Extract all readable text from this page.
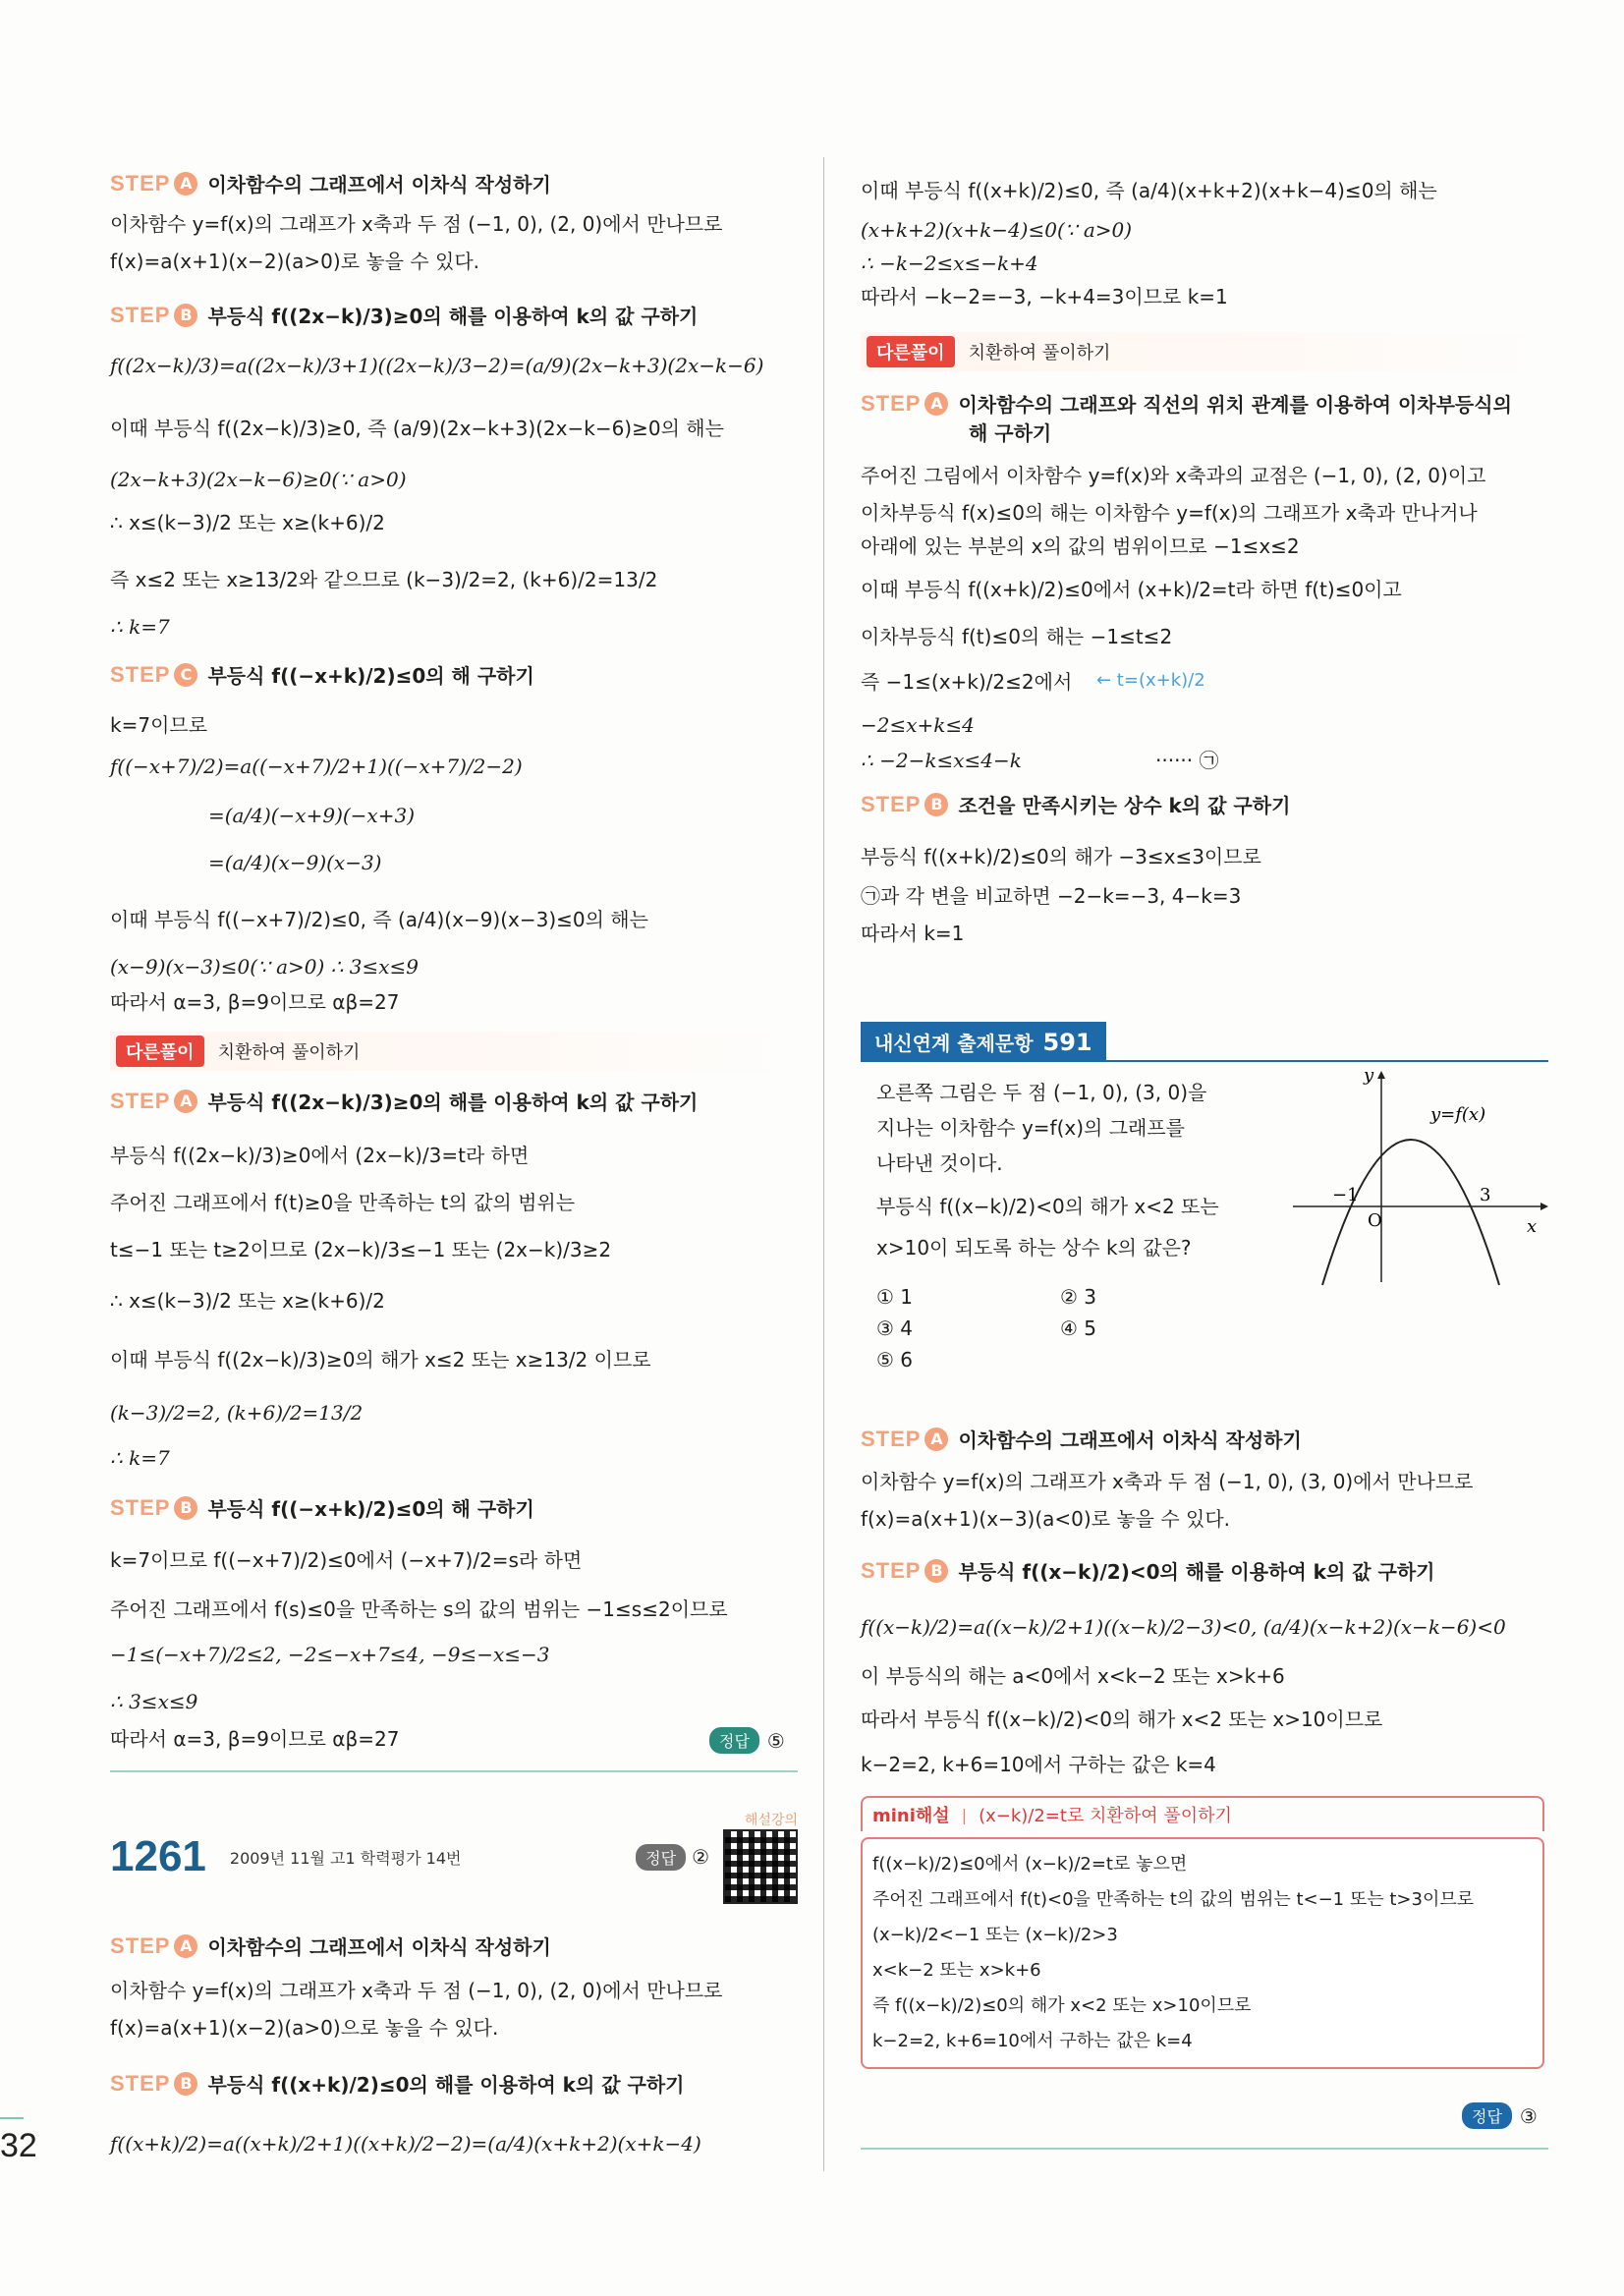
32
STEP A 이차함수의 그래프에서 이차식 작성하기

이차함수 y=f(x)의 그래프가 x축과 두 점 (−1, 0), (2, 0)에서 만나므로

f(x)=a(x+1)(x−2)(a>0)로 놓을 수 있다.

STEP B 부등식 f((2x−k)/3)≥0의 해를 이용하여 k의 값 구하기

f((2x−k)/3)=a((2x−k)/3+1)((2x−k)/3−2)=(a/9)(2x−k+3)(2x−k−6)

이때 부등식 f((2x−k)/3)≥0, 즉 (a/9)(2x−k+3)(2x−k−6)≥0의 해는

(2x−k+3)(2x−k−6)≥0(∵ a>0)

∴ x≤(k−3)/2 또는 x≥(k+6)/2

즉 x≤2 또는 x≥13/2와 같으므로 (k−3)/2=2, (k+6)/2=13/2

∴ k=7

STEP C 부등식 f((−x+k)/2)≤0의 해 구하기

k=7이므로

f((−x+7)/2)=a((−x+7)/2+1)((−x+7)/2−2)

=(a/4)(−x+9)(−x+3)

=(a/4)(x−9)(x−3)

이때 부등식 f((−x+7)/2)≤0, 즉 (a/4)(x−9)(x−3)≤0의 해는

(x−9)(x−3)≤0(∵ a>0) ∴ 3≤x≤9

따라서 α=3, β=9이므로 αβ=27

다른풀이	치환하여 풀이하기
STEP A 부등식 f((2x−k)/3)≥0의 해를 이용하여 k의 값 구하기

부등식 f((2x−k)/3)≥0에서 (2x−k)/3=t라 하면

주어진 그래프에서 f(t)≥0을 만족하는 t의 값의 범위는

t≤−1 또는 t≥2이므로 (2x−k)/3≤−1 또는 (2x−k)/3≥2

∴ x≤(k−3)/2 또는 x≥(k+6)/2

이때 부등식 f((2x−k)/3)≥0의 해가 x≤2 또는 x≥13/2 이므로

(k−3)/2=2, (k+6)/2=13/2

∴ k=7

STEP B 부등식 f((−x+k)/2)≤0의 해 구하기

k=7이므로 f((−x+7)/2)≤0에서 (−x+7)/2=s라 하면

주어진 그래프에서 f(s)≤0을 만족하는 s의 값의 범위는 −1≤s≤2이므로

−1≤(−x+7)/2≤2, −2≤−x+7≤4, −9≤−x≤−3

∴ 3≤x≤9

따라서 α=3, β=9이므로 αβ=27	정답 ⑤
1261 2009년 11월 고1 학력평가 14번	정답 ②
해설강의
STEP A 이차함수의 그래프에서 이차식 작성하기

이차함수 y=f(x)의 그래프가 x축과 두 점 (−1, 0), (2, 0)에서 만나므로

f(x)=a(x+1)(x−2)(a>0)으로 놓을 수 있다.

STEP B 부등식 f((x+k)/2)≤0의 해를 이용하여 k의 값 구하기

f((x+k)/2)=a((x+k)/2+1)((x+k)/2−2)=(a/4)(x+k+2)(x+k−4)

이때 부등식 f((x+k)/2)≤0, 즉 (a/4)(x+k+2)(x+k−4)≤0의 해는

(x+k+2)(x+k−4)≤0(∵ a>0)

∴ −k−2≤x≤−k+4

따라서 −k−2=−3, −k+4=3이므로 k=1

다른풀이	치환하여 풀이하기
STEP A 이차함수의 그래프와 직선의 위치 관계를 이용하여 이차부등식의
해 구하기

주어진 그림에서 이차함수 y=f(x)와 x축과의 교점은 (−1, 0), (2, 0)이고

이차부등식 f(x)≤0의 해는 이차함수 y=f(x)의 그래프가 x축과 만나거나

아래에 있는 부분의 x의 값의 범위이므로 −1≤x≤2

이때 부등식 f((x+k)/2)≤0에서 (x+k)/2=t라 하면 f(t)≤0이고

이차부등식 f(t)≤0의 해는 −1≤t≤2

즉 −1≤(x+k)/2≤2에서 ← t=(x+k)/2

−2≤x+k≤4

∴ −2−k≤x≤4−k	······ ㉠
STEP B 조건을 만족시키는 상수 k의 값 구하기

부등식 f((x+k)/2)≤0의 해가 −3≤x≤3이므로

㉠과 각 변을 비교하면 −2−k=−3, 4−k=3

따라서 k=1

내신연계 출제문항 591

오른쪽 그림은 두 점 (−1, 0), (3, 0)을

지나는 이차함수 y=f(x)의 그래프를

나타낸 것이다.

부등식 f((x−k)/2)<0의 해가 x<2 또는

x>10이 되도록 하는 상수 k의 값은?

① 1	② 3
③ 4	④ 5
⑤ 6
y
x
y=f(x)
−1
O
3
STEP A 이차함수의 그래프에서 이차식 작성하기

이차함수 y=f(x)의 그래프가 x축과 두 점 (−1, 0), (3, 0)에서 만나므로

f(x)=a(x+1)(x−3)(a<0)로 놓을 수 있다.

STEP B 부등식 f((x−k)/2)<0의 해를 이용하여 k의 값 구하기

f((x−k)/2)=a((x−k)/2+1)((x−k)/2−3)<0, (a/4)(x−k+2)(x−k−6)<0

이 부등식의 해는 a<0에서 x<k−2 또는 x>k+6

따라서 부등식 f((x−k)/2)<0의 해가 x<2 또는 x>10이므로

k−2=2, k+6=10에서 구하는 값은 k=4

mini해설 | (x−k)/2=t로 치환하여 풀이하기

f((x−k)/2)≤0에서 (x−k)/2=t로 놓으면

주어진 그래프에서 f(t)<0을 만족하는 t의 값의 범위는 t<−1 또는 t>3이므로

(x−k)/2<−1 또는 (x−k)/2>3

x<k−2 또는 x>k+6

즉 f((x−k)/2)≤0의 해가 x<2 또는 x>10이므로

k−2=2, k+6=10에서 구하는 값은 k=4

정답 ③
